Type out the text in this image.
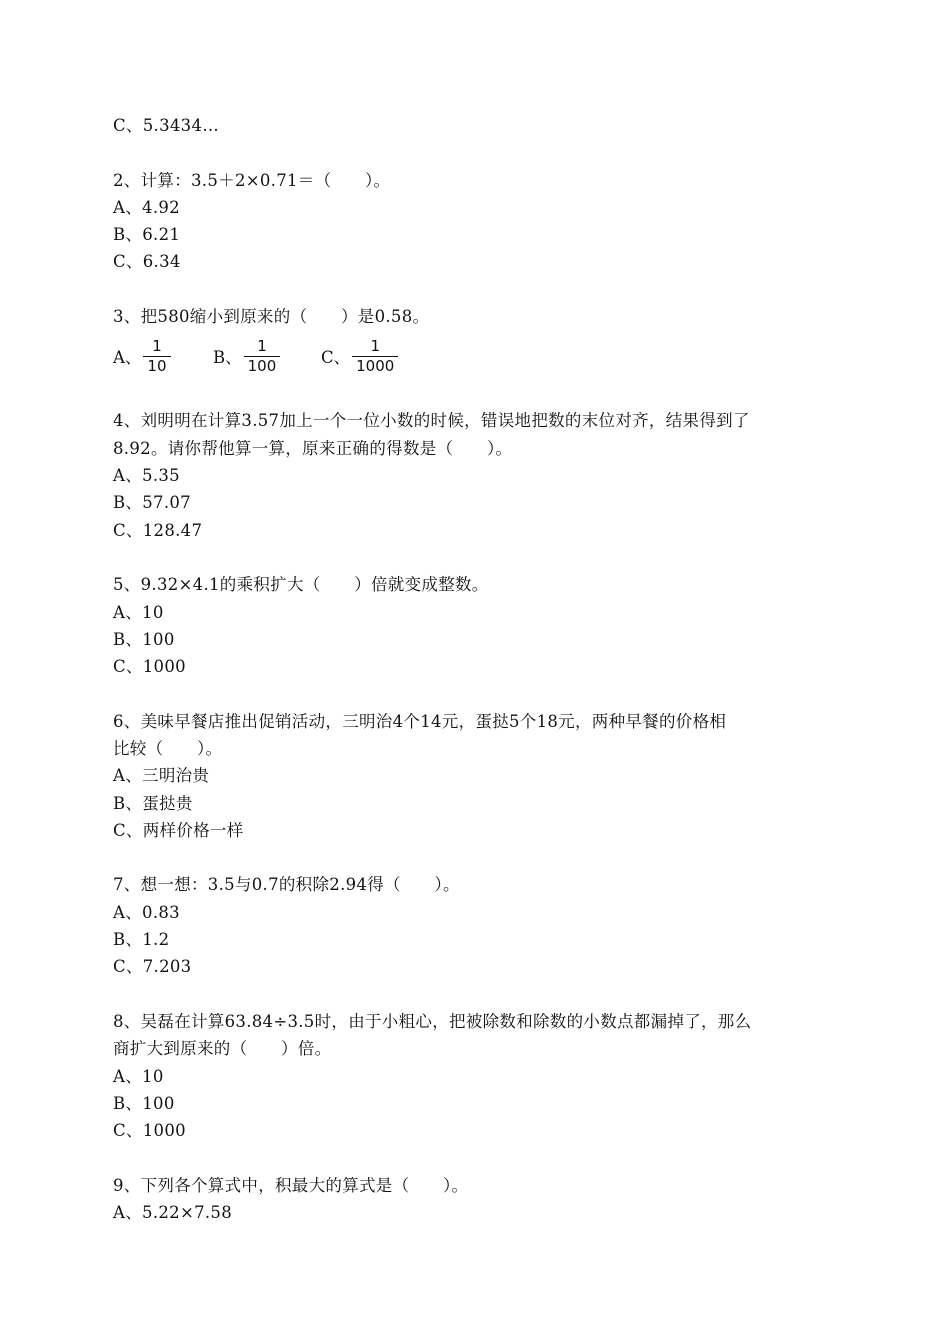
C、5.3434…
2、计算：3.5＋2×0.71＝（　　）。
A、4.92
B、6.21
C、6.34
3、把580缩小到原来的（　　）是0.58。
A、 $\frac{1}{10}$	B、 $\frac{1}{100}$ C、 $\frac{1}{1000}$
4、刘明明在计算3.57加上一个一位小数的时候，错误地把数的末位对齐，结果得到了
8.92。请你帮他算一算，原来正确的得数是（　　）。
A、5.35
B、57.07
C、128.47
5、9.32×4.1的乘积扩大（　　）倍就变成整数。
A、10
B、100
C、1000
6、美味早餐店推出促销活动，三明治4个14元，蛋挞5个18元，两种早餐的价格相
比较（　　）。
A、三明治贵
B、蛋挞贵
C、两样价格一样
7、想一想：3.5与0.7的积除2.94得（　　）。
A、0.83
B、1.2
C、7.203
8、吴磊在计算63.84÷3.5时，由于小粗心，把被除数和除数的小数点都漏掉了，那么
商扩大到原来的（　　）倍。
A、10
B、100
C、1000
9、下列各个算式中，积最大的算式是（　　）。
A、5.22×7.58
